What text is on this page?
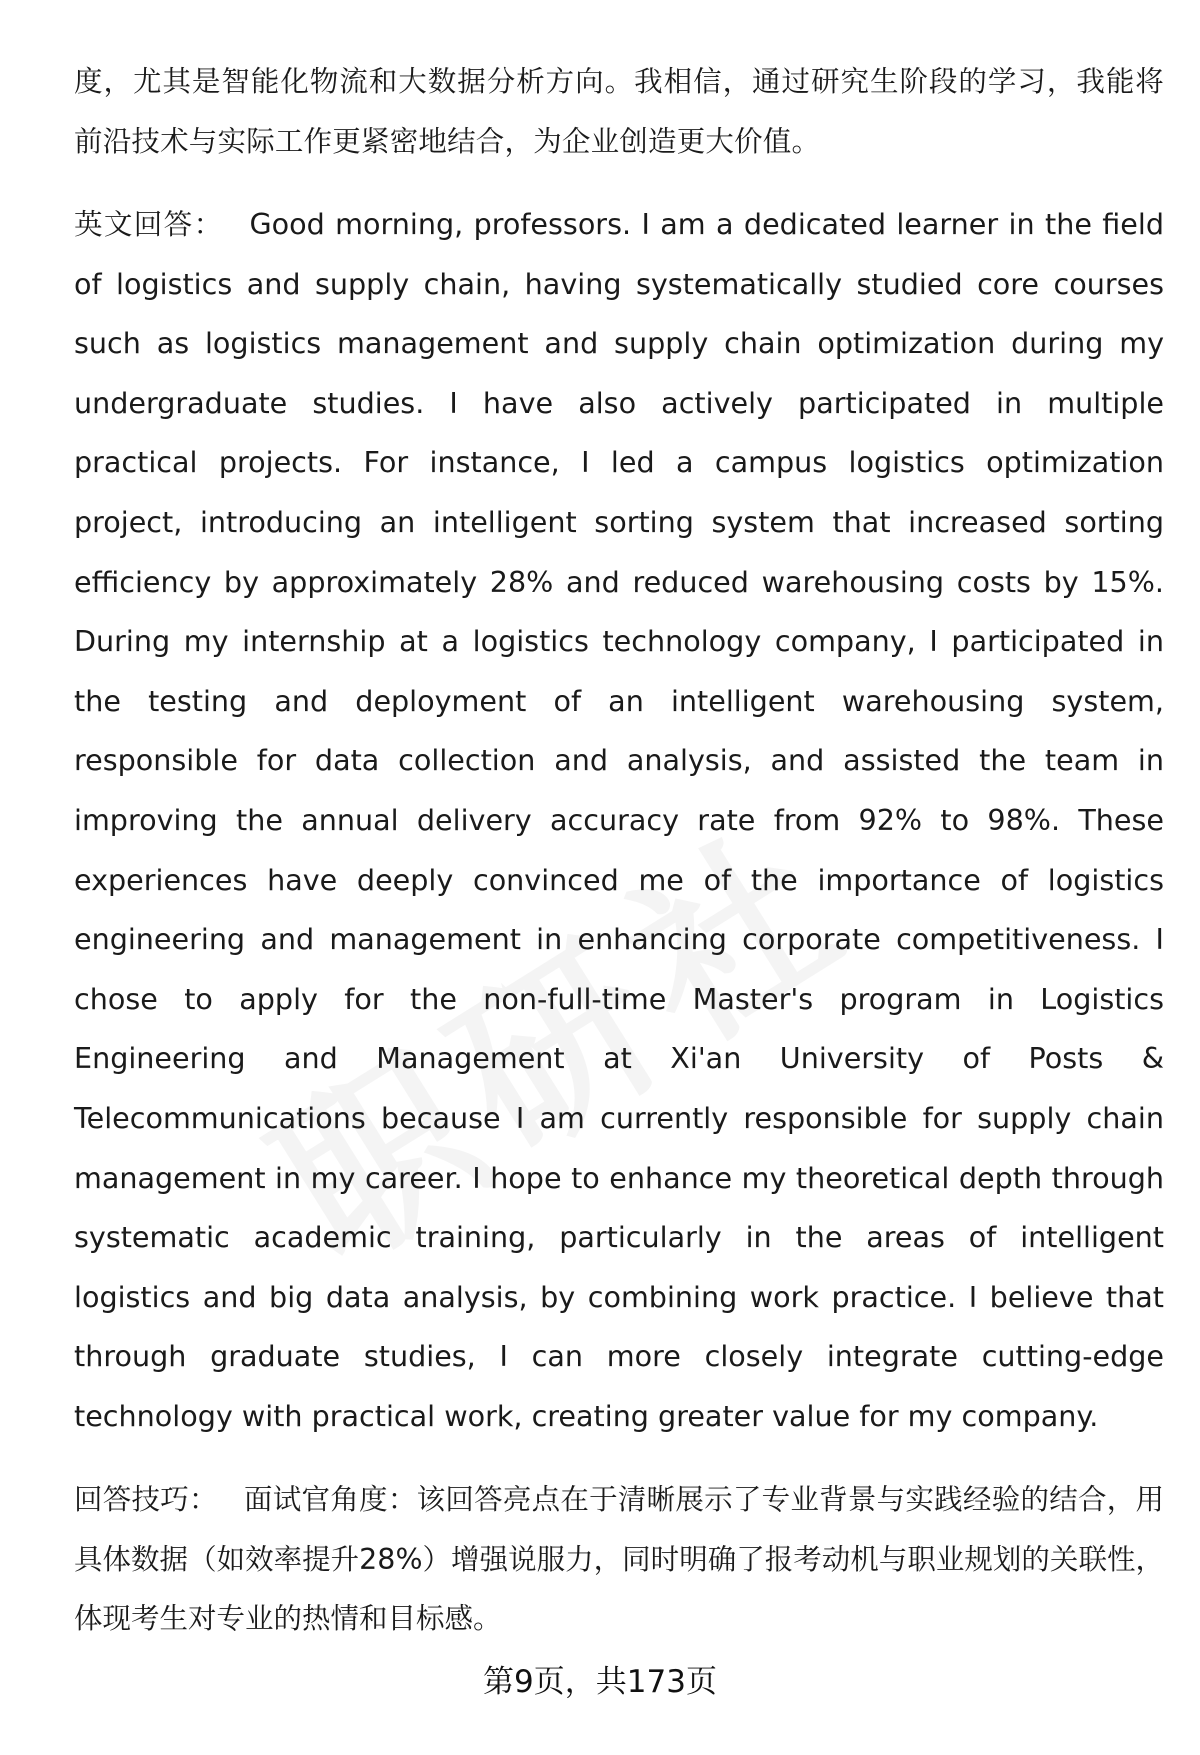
度，尤其是智能化物流和大数据分析方向。我相信，通过研究生阶段的学习，我能将前沿技术与实际工作更紧密地结合，为企业创造更大价值。

英文回答： Good morning, professors. I am a dedicated learner in the field of logistics and supply chain, having systematically studied core courses such as logistics management and supply chain optimization during my undergraduate studies. I have also actively participated in multiple practical projects. For instance, I led a campus logistics optimization project, introducing an intelligent sorting system that increased sorting efficiency by approximately 28% and reduced warehousing costs by 15%. During my internship at a logistics technology company, I participated in the testing and deployment of an intelligent warehousing system, responsible for data collection and analysis, and assisted the team in improving the annual delivery accuracy rate from 92% to 98%. These experiences have deeply convinced me of the importance of logistics engineering and management in enhancing corporate competitiveness. I chose to apply for the non-full-time Master's program in Logistics Engineering and Management at Xi'an University of Posts & Telecommunications because I am currently responsible for supply chain management in my career. I hope to enhance my theoretical depth through systematic academic training, particularly in the areas of intelligent logistics and big data analysis, by combining work practice. I believe that through graduate studies, I can more closely integrate cutting-edge technology with practical work, creating greater value for my company.

回答技巧： 面试官角度：该回答亮点在于清晰展示了专业背景与实践经验的结合，用具体数据（如效率提升28%）增强说服力，同时明确了报考动机与职业规划的关联性，体现考生对专业的热情和目标感。

第9页，共173页
